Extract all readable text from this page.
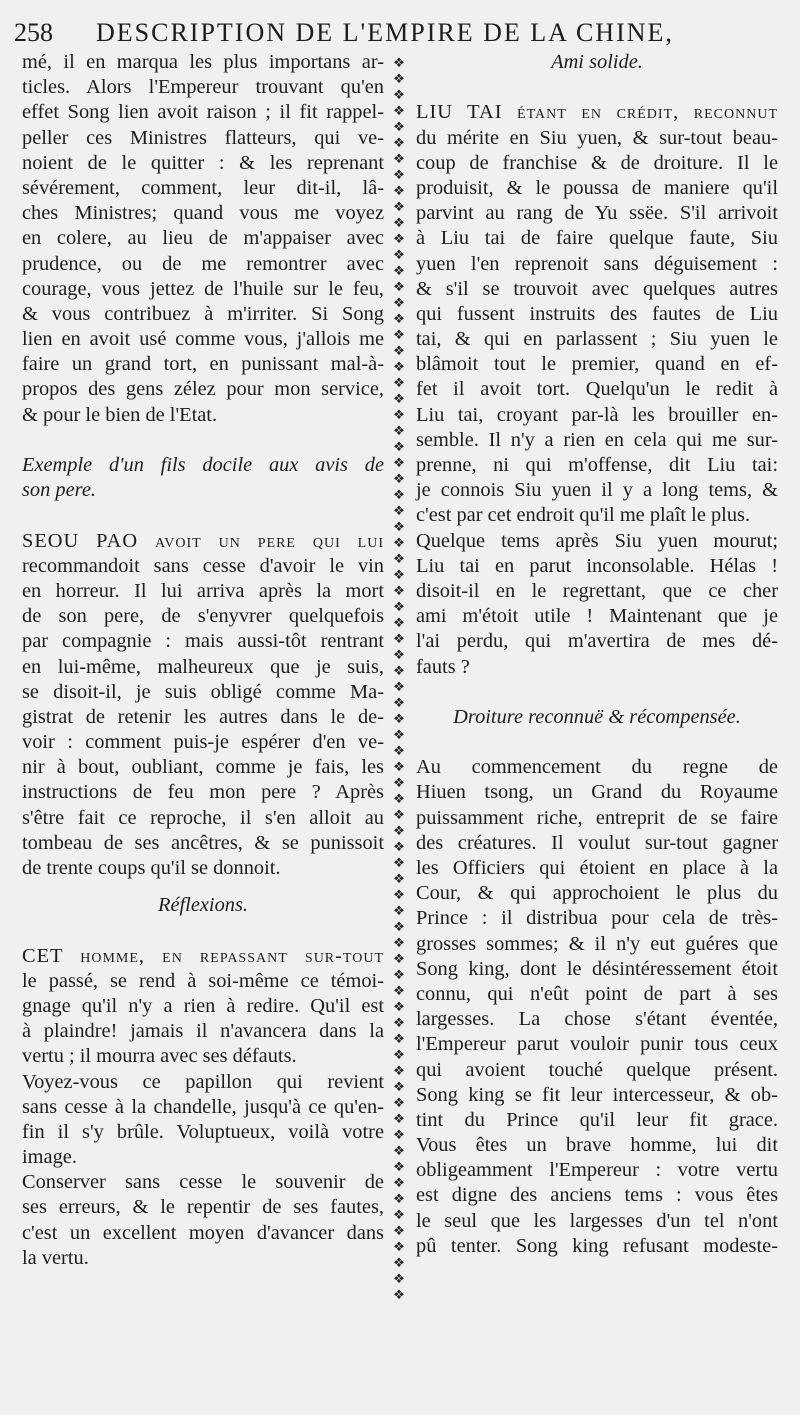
258 DESCRIPTION DE L'EMPIRE DE LA CHINE,
mé, il en marqua les plus importans ar-
ticles. Alors l'Empereur trouvant qu'en
effet Song lien avoit raison ; il fit rappel-
peller ces Ministres flatteurs, qui ve-
noient de le quitter : & les reprenant
sévérement, comment, leur dit-il, lâ-
ches Ministres; quand vous me voyez
en colere, au lieu de m'appaiser avec
prudence, ou de me remontrer avec
courage, vous jettez de l'huile sur le feu,
& vous contribuez à m'irriter. Si Song
lien en avoit usé comme vous, j'allois me
faire un grand tort, en punissant mal-à-
propos des gens zélez pour mon service,
& pour le bien de l'Etat.
Exemple d'un fils docile aux avis de
son pere.
SEOU PAO avoit un pere qui lui
recommandoit sans cesse d'avoir le vin
en horreur. Il lui arriva après la mort
de son pere, de s'enyvrer quelquefois
par compagnie : mais aussi-tôt rentrant
en lui-même, malheureux que je suis,
se disoit-il, je suis obligé comme Ma-
gistrat de retenir les autres dans le de-
voir : comment puis-je espérer d'en ve-
nir à bout, oubliant, comme je fais, les
instructions de feu mon pere ? Après
s'être fait ce reproche, il s'en alloit au
tombeau de ses ancêtres, & se punissoit
de trente coups qu'il se donnoit.
Réflexions.
CET homme, en repassant sur-tout
le passé, se rend à soi-même ce témoi-
gnage qu'il n'y a rien à redire. Qu'il est
à plaindre! jamais il n'avancera dans la
vertu ; il mourra avec ses défauts.
Voyez-vous ce papillon qui revient
sans cesse à la chandelle, jusqu'à ce qu'en-
fin il s'y brûle. Voluptueux, voilà votre
image.
Conserver sans cesse le souvenir de
ses erreurs, & le repentir de ses fautes,
c'est un excellent moyen d'avancer dans
la vertu.
❖
❖
❖
❖
❖
❖
❖
❖
❖
❖
❖
❖
❖
❖
❖
❖
❖
❖
❖
❖
❖
❖
❖
❖
❖
❖
❖
❖
❖
❖
❖
❖
❖
❖
❖
❖
❖
❖
❖
❖
❖
❖
❖
❖
❖
❖
❖
❖
❖
❖
❖
❖
❖
❖
❖
❖
❖
❖
❖
❖
❖
❖
❖
❖
❖
❖
❖
❖
❖
❖
❖
❖
❖
❖
❖
❖
❖
❖
Ami solide.
LIU TAI étant en crédit, reconnut
du mérite en Siu yuen, & sur-tout beau-
coup de franchise & de droiture. Il le
produisit, & le poussa de maniere qu'il
parvint au rang de Yu ssëe. S'il arrivoit
à Liu tai de faire quelque faute, Siu
yuen l'en reprenoit sans déguisement :
& s'il se trouvoit avec quelques autres
qui fussent instruits des fautes de Liu
tai, & qui en parlassent ; Siu yuen le
blâmoit tout le premier, quand en ef-
fet il avoit tort. Quelqu'un le redit à
Liu tai, croyant par-là les brouiller en-
semble. Il n'y a rien en cela qui me sur-
prenne, ni qui m'offense, dit Liu tai:
je connois Siu yuen il y a long tems, &
c'est par cet endroit qu'il me plaît le plus.
Quelque tems après Siu yuen mourut;
Liu tai en parut inconsolable. Hélas !
disoit-il en le regrettant, que ce cher
ami m'étoit utile ! Maintenant que je
l'ai perdu, qui m'avertira de mes dé-
fauts ?
Droiture reconnuë & récompensée.
Au commencement du regne de
Hiuen tsong, un Grand du Royaume
puissamment riche, entreprit de se faire
des créatures. Il voulut sur-tout gagner
les Officiers qui étoient en place à la
Cour, & qui approchoient le plus du
Prince : il distribua pour cela de très-
grosses sommes; & il n'y eut guéres que
Song king, dont le désintéressement étoit
connu, qui n'eût point de part à ses
largesses. La chose s'étant éventée,
l'Empereur parut vouloir punir tous ceux
qui avoient touché quelque présent.
Song king se fit leur intercesseur, & ob-
tint du Prince qu'il leur fit grace.
Vous êtes un brave homme, lui dit
obligeamment l'Empereur : votre vertu
est digne des anciens tems : vous êtes
le seul que les largesses d'un tel n'ont
pû tenter. Song king refusant modeste-
